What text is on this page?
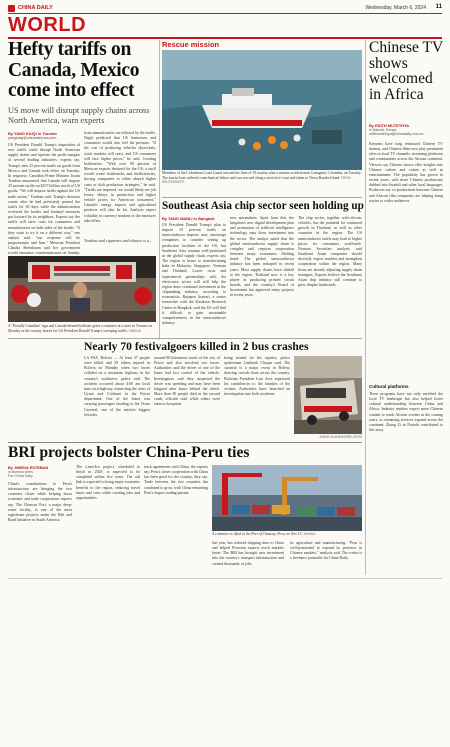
CHINA DAILY	Wednesday, March 6, 2024 11
WORLD
Hefty tariffs on Canada, Mexico come into effect
US move will disrupt supply chains across North America, warn experts
By YANG KAIQI in Toronto
yangkaiqi@chinadailyusa.com
US President Donald Trump's imposition of new tariffs could disrupt North American supply chains and squeeze the profit margins of several leading industries, experts say. Trump's new 25 percent tariffs on goods from Mexico and Canada took effect on Tuesday. In response, Canadian Prime Minister Justin Trudeau announced that Canada will impose 25 percent tariffs on $107 billion worth of US goods. "We will impose tariffs against the US trade action," Trudeau said. Trump's decision comes after he had previously paused the tariffs for 30 days while the administration reviewed the border and fentanyl measures put forward by its neighbors. Experts say the tariffs will raise costs for consumers and manufacturers on both sides of the border. "If they want to try it on a different way," one analyst said, "our response will be proportionate and firm." Mexican President Claudia Sheinbaum said her government would announce countermeasures on Sunday.
from manufacturers are affected by the tariffs. Nagle predicted that US businesses and consumers would also feel the pressure. "If the cost of producing vehicles skyrockets, stock markets will react, and US consumers will face higher prices," he said. Creating bottlenecks: "With over 90 percent of Mexican exports destined for the US, a tariff would create bottlenecks and inefficiencies, forcing companies to either absorb higher costs or shift production strategies," he said. "Tariffs are imposed, we would likely see job losses, delays in production and higher vehicle prices for American consumers." Canada's energy exports and agricultural products will also be hit. Analysts expect volatility in currency markets as the measures take effect.
Trudeau said cigarettes and tobacco is a...
A "Proudly Canadian" sign and Canada-themed balloons greet a customer at a store in Toronto on Monday as the country braces for US President Donald Trump's sweeping tariffs. XINHUA
Rescue mission
Members of the Colombian Coast Guard rescued the lives of 19 tourists after a marine accident near Cartagena, Colombia, on Tuesday. The tourist boat suffered a mechanical failure and was rescued along a stretch of coast and taken to Tierra Bomba Island. FROM REUTERS/EFE
Southeast Asia chip sector seen holding up
By YANG WANLI in Bangkok
US President Donald Trump's plan to impose 25 percent tariffs on semiconductor imports may encourage companies to consider setting up production facilities in the US, but Southeast Asia remains well-positioned in the global supply chain, experts say. The region is home to manufacturing hubs in Malaysia, Singapore, Vietnam and Thailand. Lower costs and experienced partnerships with the electronics sector will still help the region draw continued investment in the chipmaking industry, according to economists. Rajapon Asavari, a senior researcher with the Kasikorn Research Center in Bangkok, said the US will find it difficult to gain sustainable competitiveness in the semiconductor industry.
new automakers. Apart from this, the kingdom's new digital development plan and promotion of artificial intelligence technology may draw investment into the sector. The analyst noted that the global semiconductor supply chain is complex and requires cooperation between many economies. Shifting trend: The global semiconductor industry has been reshaped in recent years. Most supply chains have shifted to the region. Thailand now is a key player in producing printed circuit boards, and the country's Board of Investment has approved many projects in recent years.
The chip sector, together with electric vehicles, has the potential for continued growth in Thailand, as well as other countries in the region. The US semiconductor tariffs may lead to higher prices for consumers worldwide. Nomura Securities analysts said Southeast Asian companies should diversify export markets and strengthen cooperation within the region. Many firms are already adjusting supply chain strategies. Experts believe the Southeast Asian chip industry will continue to grow despite headwinds.
Nearly 70 festivalgoers killed in 2 bus crashes
LA PAZ, Bolivia — At least 37 people were killed and 39 others injured in Bolivia on Monday when two buses collided on a mountain highway in the country's southwest, police said. The accident occurred about 4:00 am local time on a highway connecting the cities of Uyuni and Colchani in the Potosi department. One of the buses was carrying passengers heading to the Oruro Carnival, one of the nation's biggest festivals.
around 90 kilometers north of the city of Potosi and also involved two buses. Authorities said the driver of one of the buses had lost control of the vehicle. Investigators said they suspected the driver was speeding and may have been fatigued after hours behind the wheel. More than 30 people died in the second crash, officials said, while others were taken to hospitals.
being treated for his injuries, police spokesman Limberth Choque said. The carnival is a major event in Bolivia drawing crowds from across the country. Bolivian President Luis Arce expressed his condolences to the families of the victims. Authorities have launched an investigation into both accidents.
AGENCIA ANEWS/REUTERS
BRI projects bolster China-Peru ties
By JIMENA ESTEBAN
in Buenos Aires
For China Daily
China's contributions to Peru's infrastructure are bringing the two countries closer while helping boost economic and trade cooperation, experts say. The Chancay Port, a major deep-water facility, is one of the most significant projects under the Belt and Road Initiative in South America.
The Lima-Ica project, scheduled to finish in 2029, is expected to be completed within five years. The rail link is expected to bring major economic benefits to the region, reducing travel times and costs while creating jobs and opportunities.
track agreements with China, the experts say. Peru's closer cooperation with China has been good for the country, they say. Trade between the two countries has continued to grow, with China remaining Peru's largest trading partner.
A container is lifted at the Port of Chancay, Peru, on Nov 15. XINHUA
last year, has reduced shipping time to China and helped Peruvian exports reach markets faster. The BRI has brought new investment into the country's transport infrastructure and created thousands of jobs.
its agriculture and manufacturing. "Peru is well-positioned to expand its presence in Chinese markets," analysts said. The writer is a freelance journalist for China Daily.
Chinese TV shows welcomed in Africa
By EDITH MUTETHYA
in Nairobi, Kenya
edithmutethya@chinadaily.com.cn
Kenyans have long embraced Chinese TV dramas, and Chinese films now play prominent roles in local TV channels, streaming platforms and communities across the African continent. Viewers say Chinese shows offer insights into Chinese culture and values as well as entertainment. The popularity has grown in recent years, with more Chinese productions dubbed into Swahili and other local languages. Producers say co-productions between Chinese and African film companies are helping bring stories to wider audiences.
Cultural platforms
These programs have not only enriched the local TV landscape but also helped foster cultural understanding between China and Africa. Industry insiders expect more Chinese content to reach African screens in the coming years, as streaming services expand across the continent. Zhang Zi in Nairobi contributed to this story.
